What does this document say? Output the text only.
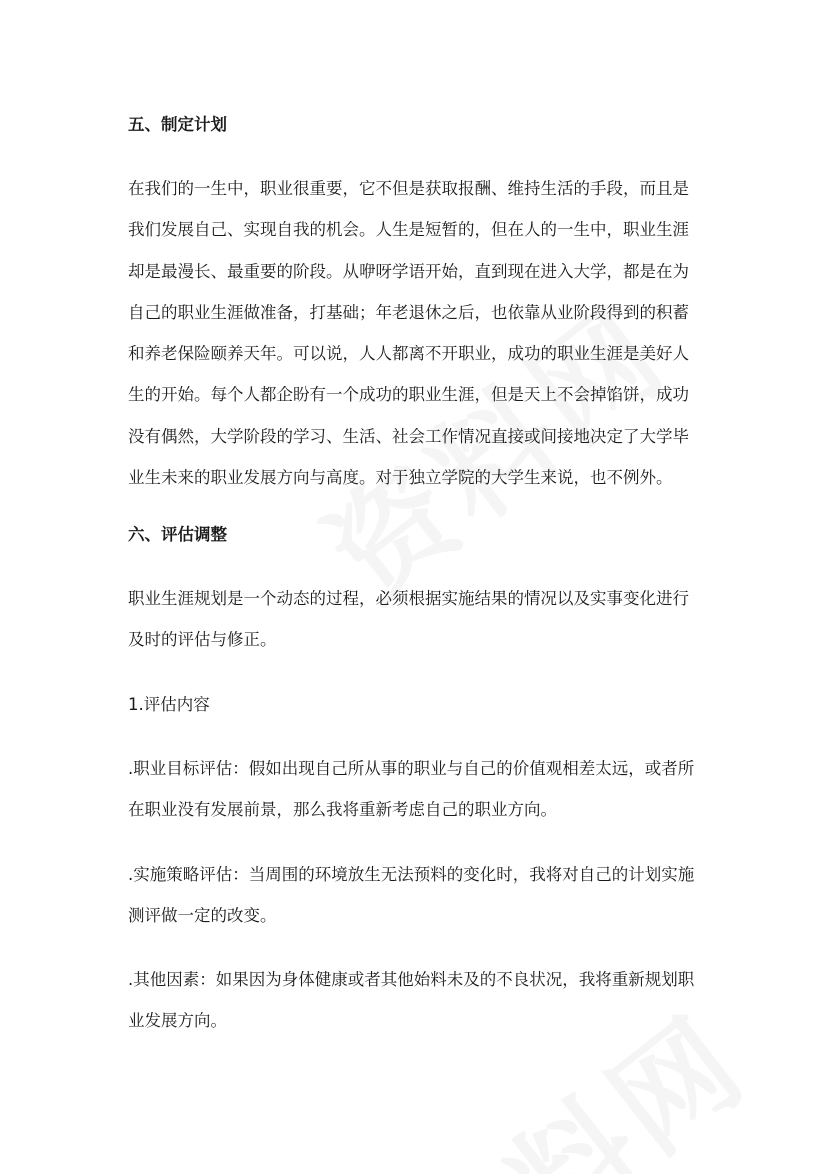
五、制定计划
在我们的一生中，职业很重要，它不但是获取报酬、维持生活的手段，而且是
我们发展自己、实现自我的机会。人生是短暂的，但在人的一生中，职业生涯
却是最漫长、最重要的阶段。从咿呀学语开始，直到现在进入大学，都是在为
自己的职业生涯做准备，打基础；年老退休之后，也依靠从业阶段得到的积蓄
和养老保险颐养天年。可以说，人人都离不开职业，成功的职业生涯是美好人
生的开始。每个人都企盼有一个成功的职业生涯，但是天上不会掉馅饼，成功
没有偶然，大学阶段的学习、生活、社会工作情况直接或间接地决定了大学毕
业生未来的职业发展方向与高度。对于独立学院的大学生来说，也不例外。
六、评估调整
职业生涯规划是一个动态的过程，必须根据实施结果的情况以及实事变化进行
及时的评估与修正。

1.评估内容

.职业目标评估：假如出现自己所从事的职业与自己的价值观相差太远，或者所
在职业没有发展前景，那么我将重新考虑自己的职业方向。
.实施策略评估：当周围的环境放生无法预料的变化时，我将对自己的计划实施
测评做一定的改变。
.其他因素：如果因为身体健康或者其他始料未及的不良状况，我将重新规划职
业发展方向。
